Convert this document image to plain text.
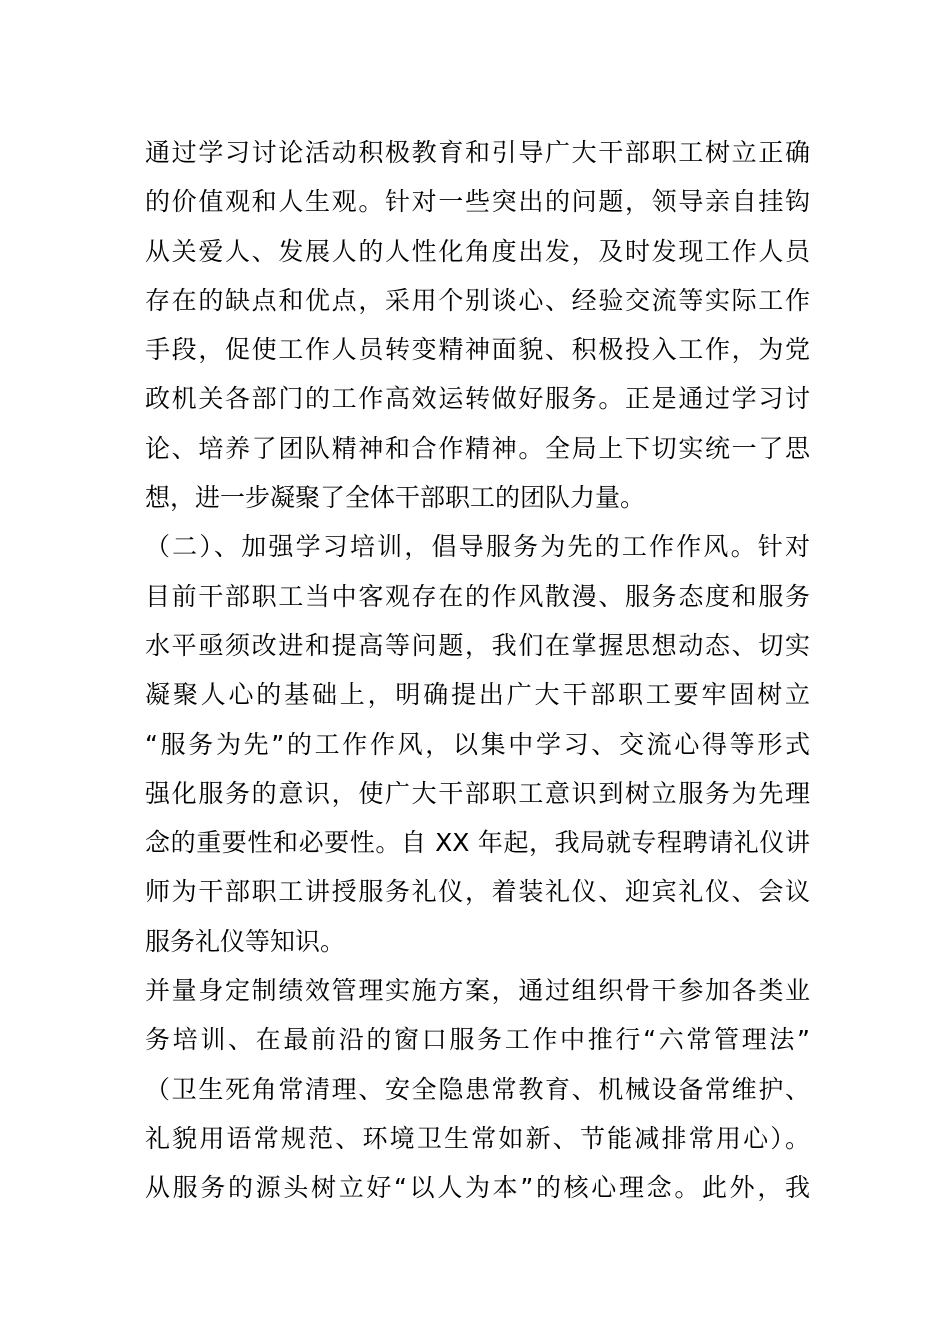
通过学习讨论活动积极教育和引导广大干部职工树立正确
的价值观和人生观。针对一些突出的问题，领导亲自挂钩
从关爱人、发展人的人性化角度出发，及时发现工作人员
存在的缺点和优点，采用个别谈心、经验交流等实际工作
手段，促使工作人员转变精神面貌、积极投入工作，为党
政机关各部门的工作高效运转做好服务。正是通过学习讨
论、培养了团队精神和合作精神。全局上下切实统一了思
想，进一步凝聚了全体干部职工的团队力量。
（二）、加强学习培训，倡导服务为先的工作作风。针对
目前干部职工当中客观存在的作风散漫、服务态度和服务
水平亟须改进和提高等问题，我们在掌握思想动态、切实
凝聚人心的基础上，明确提出广大干部职工要牢固树立
“服务为先”的工作作风，以集中学习、交流心得等形式
强化服务的意识，使广大干部职工意识到树立服务为先理
念的重要性和必要性。自 XX 年起，我局就专程聘请礼仪讲
师为干部职工讲授服务礼仪，着装礼仪、迎宾礼仪、会议
服务礼仪等知识。
并量身定制绩效管理实施方案，通过组织骨干参加各类业
务培训、在最前沿的窗口服务工作中推行“六常管理法”
（卫生死角常清理、安全隐患常教育、机械设备常维护、
礼貌用语常规范、环境卫生常如新、节能减排常用心）。
从服务的源头树立好“以人为本”的核心理念。此外，我
